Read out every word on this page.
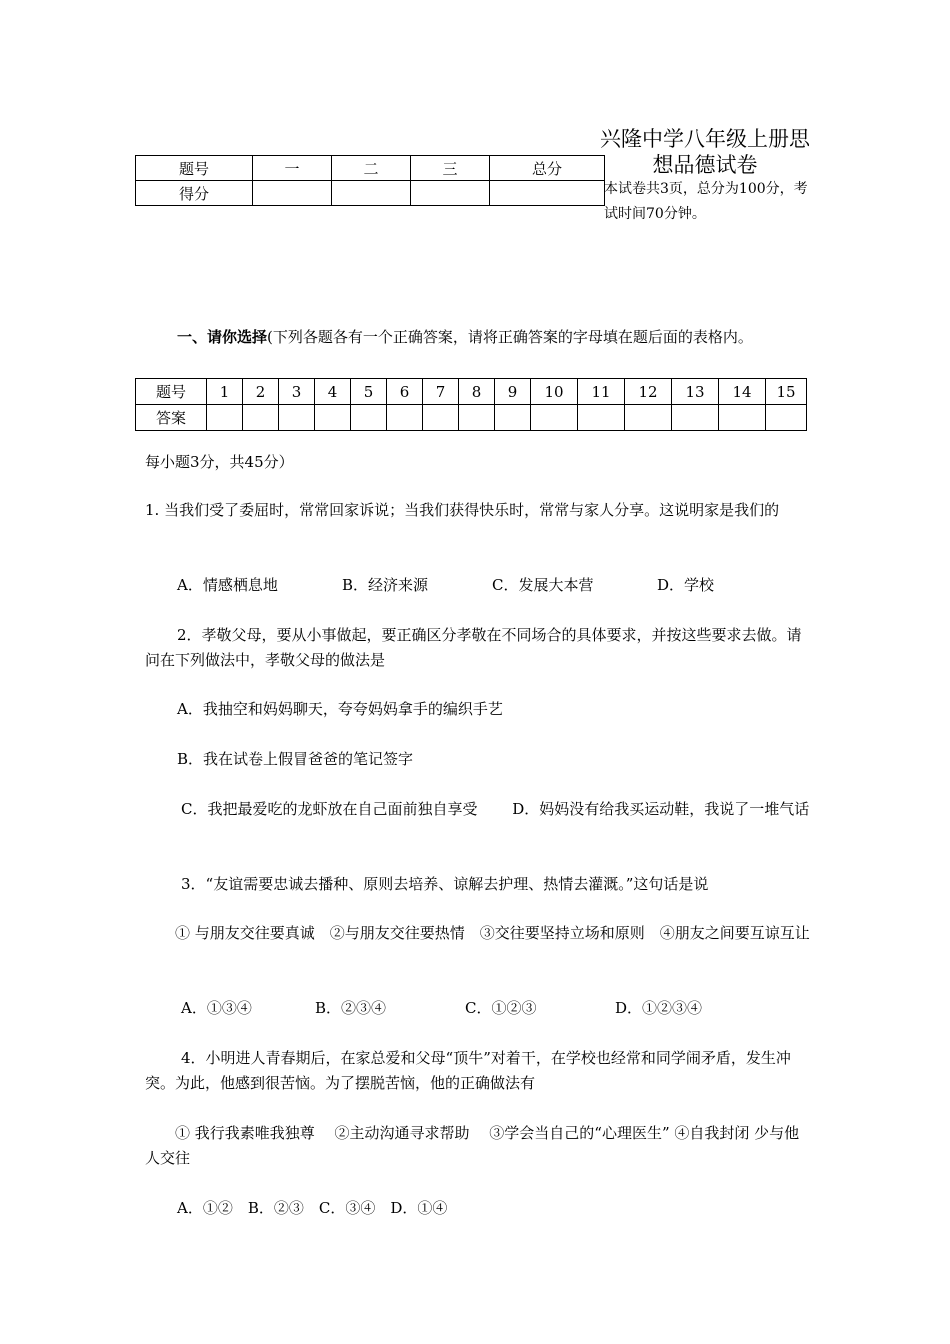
题号	一	二	三	总分
得分				
兴隆中学八年级上册思想品德试卷
本试卷共3页，总分为100分，考试时间70分钟。
一、请你选择(下列各题各有一个正确答案，请将正确答案的字母填在题后面的表格内。
题号	1	2	3	4	5	6	7	8	9	10	11	12	13	14	15
答案															
每小题3分，共45分）
1. 当我们受了委屈时，常常回家诉说；当我们获得快乐时，常常与家人分享。这说明家是我们的
A．情感栖息地	B．经济来源	C．发展大本营	D．学校
2．孝敬父母，要从小事做起，要正确区分孝敬在不同场合的具体要求，并按这些要求去做。请问在下列做法中，孝敬父母的做法是
A．我抽空和妈妈聊天，夸夸妈妈拿手的编织手艺
B．我在试卷上假冒爸爸的笔记签字
C．我把最爱吃的龙虾放在自己面前独自享受　　 D．妈妈没有给我买运动鞋，我说了一堆气话
3．“友谊需要忠诚去播种、原则去培养、谅解去护理、热情去灌溉。”这句话是说
① 与朋友交往要真诚　②与朋友交往要热情　③交往要坚持立场和原则　④朋友之间要互谅互让
A．①③④	B．②③④	C．①②③	D．①②③④
4．小明进人青春期后，在家总爱和父母“顶牛”对着干，在学校也经常和同学闹矛盾，发生冲突。为此，他感到很苦恼。为了摆脱苦恼，他的正确做法有
① 我行我素唯我独尊　 ②主动沟通寻求帮助　 ③学会当自己的“心理医生” ④自我封闭 少与他人交往
A．①②　B．②③　C．③④　D．①④
